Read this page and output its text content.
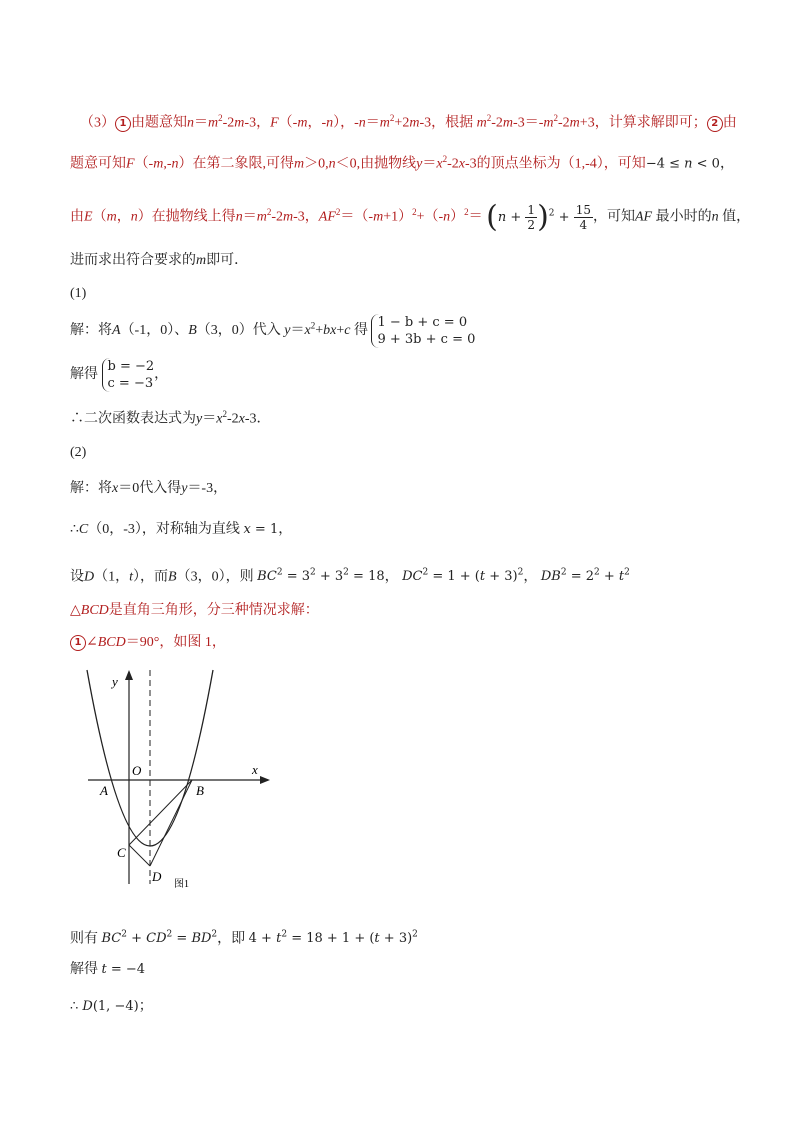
（3） 1 由题意知$n=m^2-2m-3$，F（-m，-n），$-n=m^2+2m-3$，根据 $m^2-2m-3=-m^2-2m+3$，计算求解即可； 2 由
题意可知F（-m,-n）在第二象限,可得m＞0,n＜0,由抛物线$y=x^2-2x-3$的顶点坐标为（1,-4），可知−4 ≤ n < 0，
由E（m，n）在抛物线上得$n=m^2-2m-3$，$AF^2=(-m+1)^2+(-n)^2= (n + \frac{1}{2} )^2 + \frac{15}{4}$ ，可知AF 最小时的n 值，
进而求出符合要求的m即可．
(1)
解：将A（-1，0）、B（3，0）代入 $y=x^2+bx+c$ 得
1 − b + c = 0
9 + 3b + c = 0
解得
b = −2
c = −3
，
∴二次函数表达式为$y=x^2-2x-3$．
(2)
解：将x＝0代入得y＝-3，
∴C（0，-3），对称轴为直线 x = 1，
设D（1，t），而B（3，0），则 $BC^2 = 3^2 + 3^2 = 18$， $DC^2 = 1 + (t + 3)^2$， $DB^2 = 2^2 + t^2$
△BCD是直角三角形，分三种情况求解：
1 ∠BCD＝90°，如图 1，
y
x
O
A	B
C
D
图1
则有 $BC^2 + CD^2 = BD^2$，即 $4 + t^2 = 18 + 1 + (t + 3)^2$
解得 t = −4
∴ D(1, −4)；
